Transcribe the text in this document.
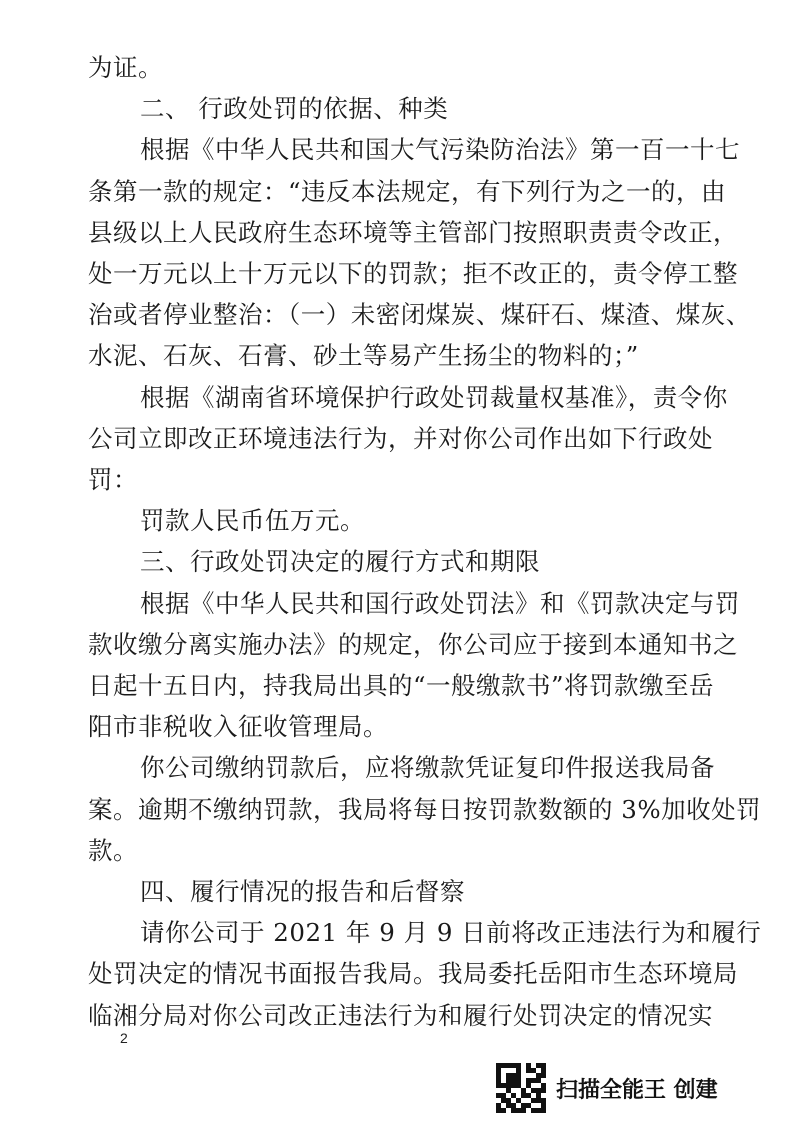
为证。
二、 行政处罚的依据、种类
根据《中华人民共和国大气污染防治法》第一百一十七
条第一款的规定：“违反本法规定，有下列行为之一的，由
县级以上人民政府生态环境等主管部门按照职责责令改正，
处一万元以上十万元以下的罚款；拒不改正的，责令停工整
治或者停业整治：（一）未密闭煤炭、煤矸石、煤渣、煤灰、
水泥、石灰、石膏、砂土等易产生扬尘的物料的；”
根据《湖南省环境保护行政处罚裁量权基准》，责令你
公司立即改正环境违法行为，并对你公司作出如下行政处
罚：
罚款人民币伍万元。
三、行政处罚决定的履行方式和期限
根据《中华人民共和国行政处罚法》和《罚款决定与罚
款收缴分离实施办法》的规定，你公司应于接到本通知书之
日起十五日内，持我局出具的“一般缴款书”将罚款缴至岳
阳市非税收入征收管理局。
你公司缴纳罚款后，应将缴款凭证复印件报送我局备
案。逾期不缴纳罚款，我局将每日按罚款数额的 3%加收处罚
款。
四、履行情况的报告和后督察
请你公司于 2021 年 9 月 9 日前将改正违法行为和履行
处罚决定的情况书面报告我局。我局委托岳阳市生态环境局
临湘分局对你公司改正违法行为和履行处罚决定的情况实
2
扫描全能王 创建
